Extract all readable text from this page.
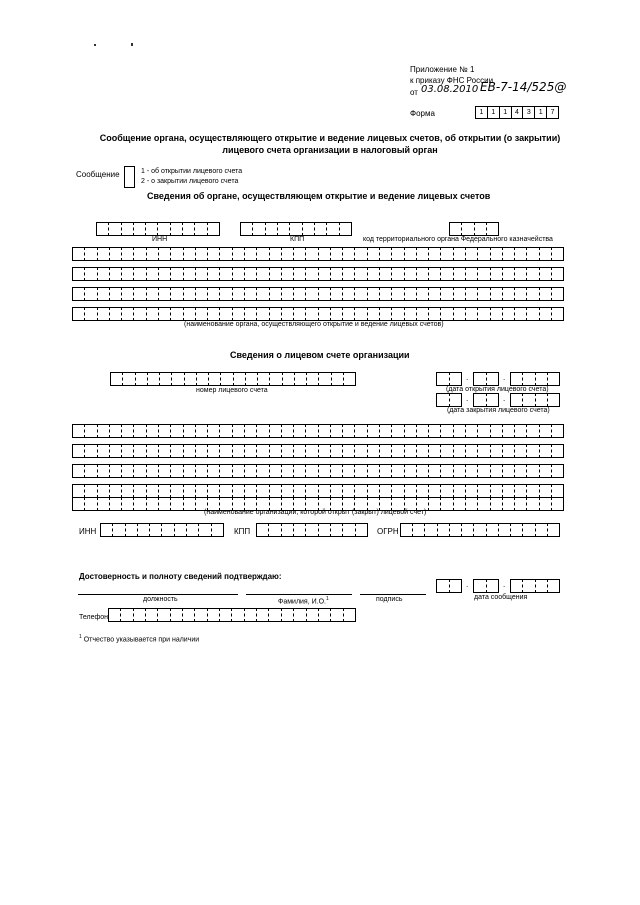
Приложение № 1
к приказу ФНС России
от 03.08.2010 ЕВ-7-14/525@
Форма	1	1	1	4	3	1	7
Сообщение органа, осуществляющего открытие и ведение лицевых счетов, об открытии (о закрытии)
лицевого счета организации в налоговый орган
Сообщение	1 - об открытии лицевого счета
2 - о закрытии лицевого счета
Сведения об органе, осуществляющем открытие и ведение лицевых счетов
ИНН	КПП	код территориального органа Федерального казначейства
(наименование органа, осуществляющего открытие и ведение лицевых счетов)
Сведения о лицевом счете организации
номер лицевого счета
.	.
(дата открытия лицевого счета)
.	.
(дата закрытия лицевого счета)
(наименование организации, которой открыт (закрыт) лицевой счет)
ИНН	КПП	ОГРН
Достоверность и полноту сведений подтверждаю:
должность	Фамилия, И.О.$^1$	подпись
.	.
дата сообщения
Телефон
$^1$ Отчество указывается при наличии
